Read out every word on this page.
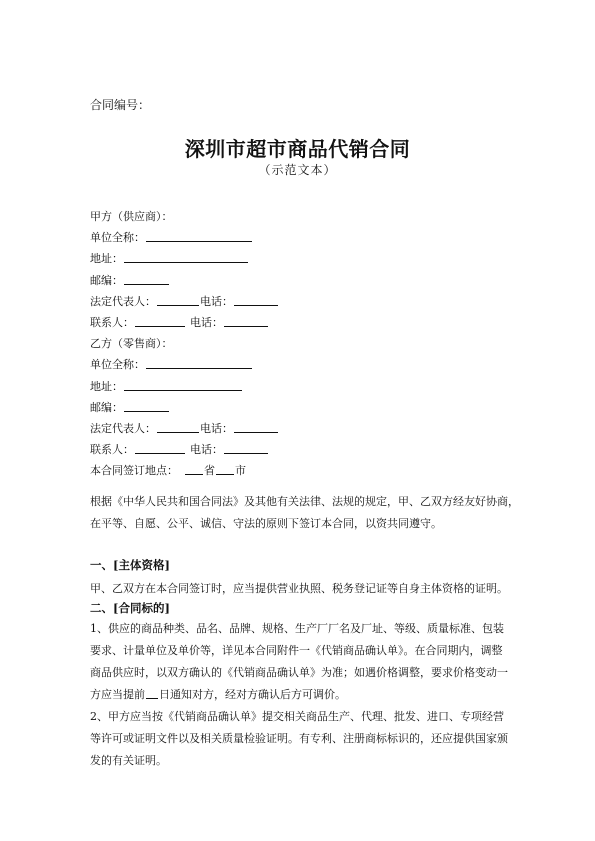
合同编号：
深圳市超市商品代销合同
（示范文本）
甲方（供应商）：
单位全称：
地址：
邮编：
法定代表人：	电话：
联系人：	电话：
乙方（零售商）：
单位全称：
地址：
邮编：
法定代表人：	电话：
联系人：	电话：
本合同签订地点： 省 市
根据《中华人民共和国合同法》及其他有关法律、法规的规定，甲、乙双方经友好协商，
在平等、自愿、公平、诚信、守法的原则下签订本合同，以资共同遵守。
一、[主体资格]
甲、乙双方在本合同签订时，应当提供营业执照、税务登记证等自身主体资格的证明。
二、[合同标的]
1、供应的商品种类、品名、品牌、规格、生产厂厂名及厂址、等级、质量标准、包装
要求、计量单位及单价等，详见本合同附件一《代销商品确认单》。在合同期内，调整
商品供应时，以双方确认的《代销商品确认单》为准；如遇价格调整，要求价格变动一
方应当提前 日通知对方，经对方确认后方可调价。
2、甲方应当按《代销商品确认单》提交相关商品生产、代理、批发、进口、专项经营
等许可或证明文件以及相关质量检验证明。有专利、注册商标标识的，还应提供国家颁
发的有关证明。
